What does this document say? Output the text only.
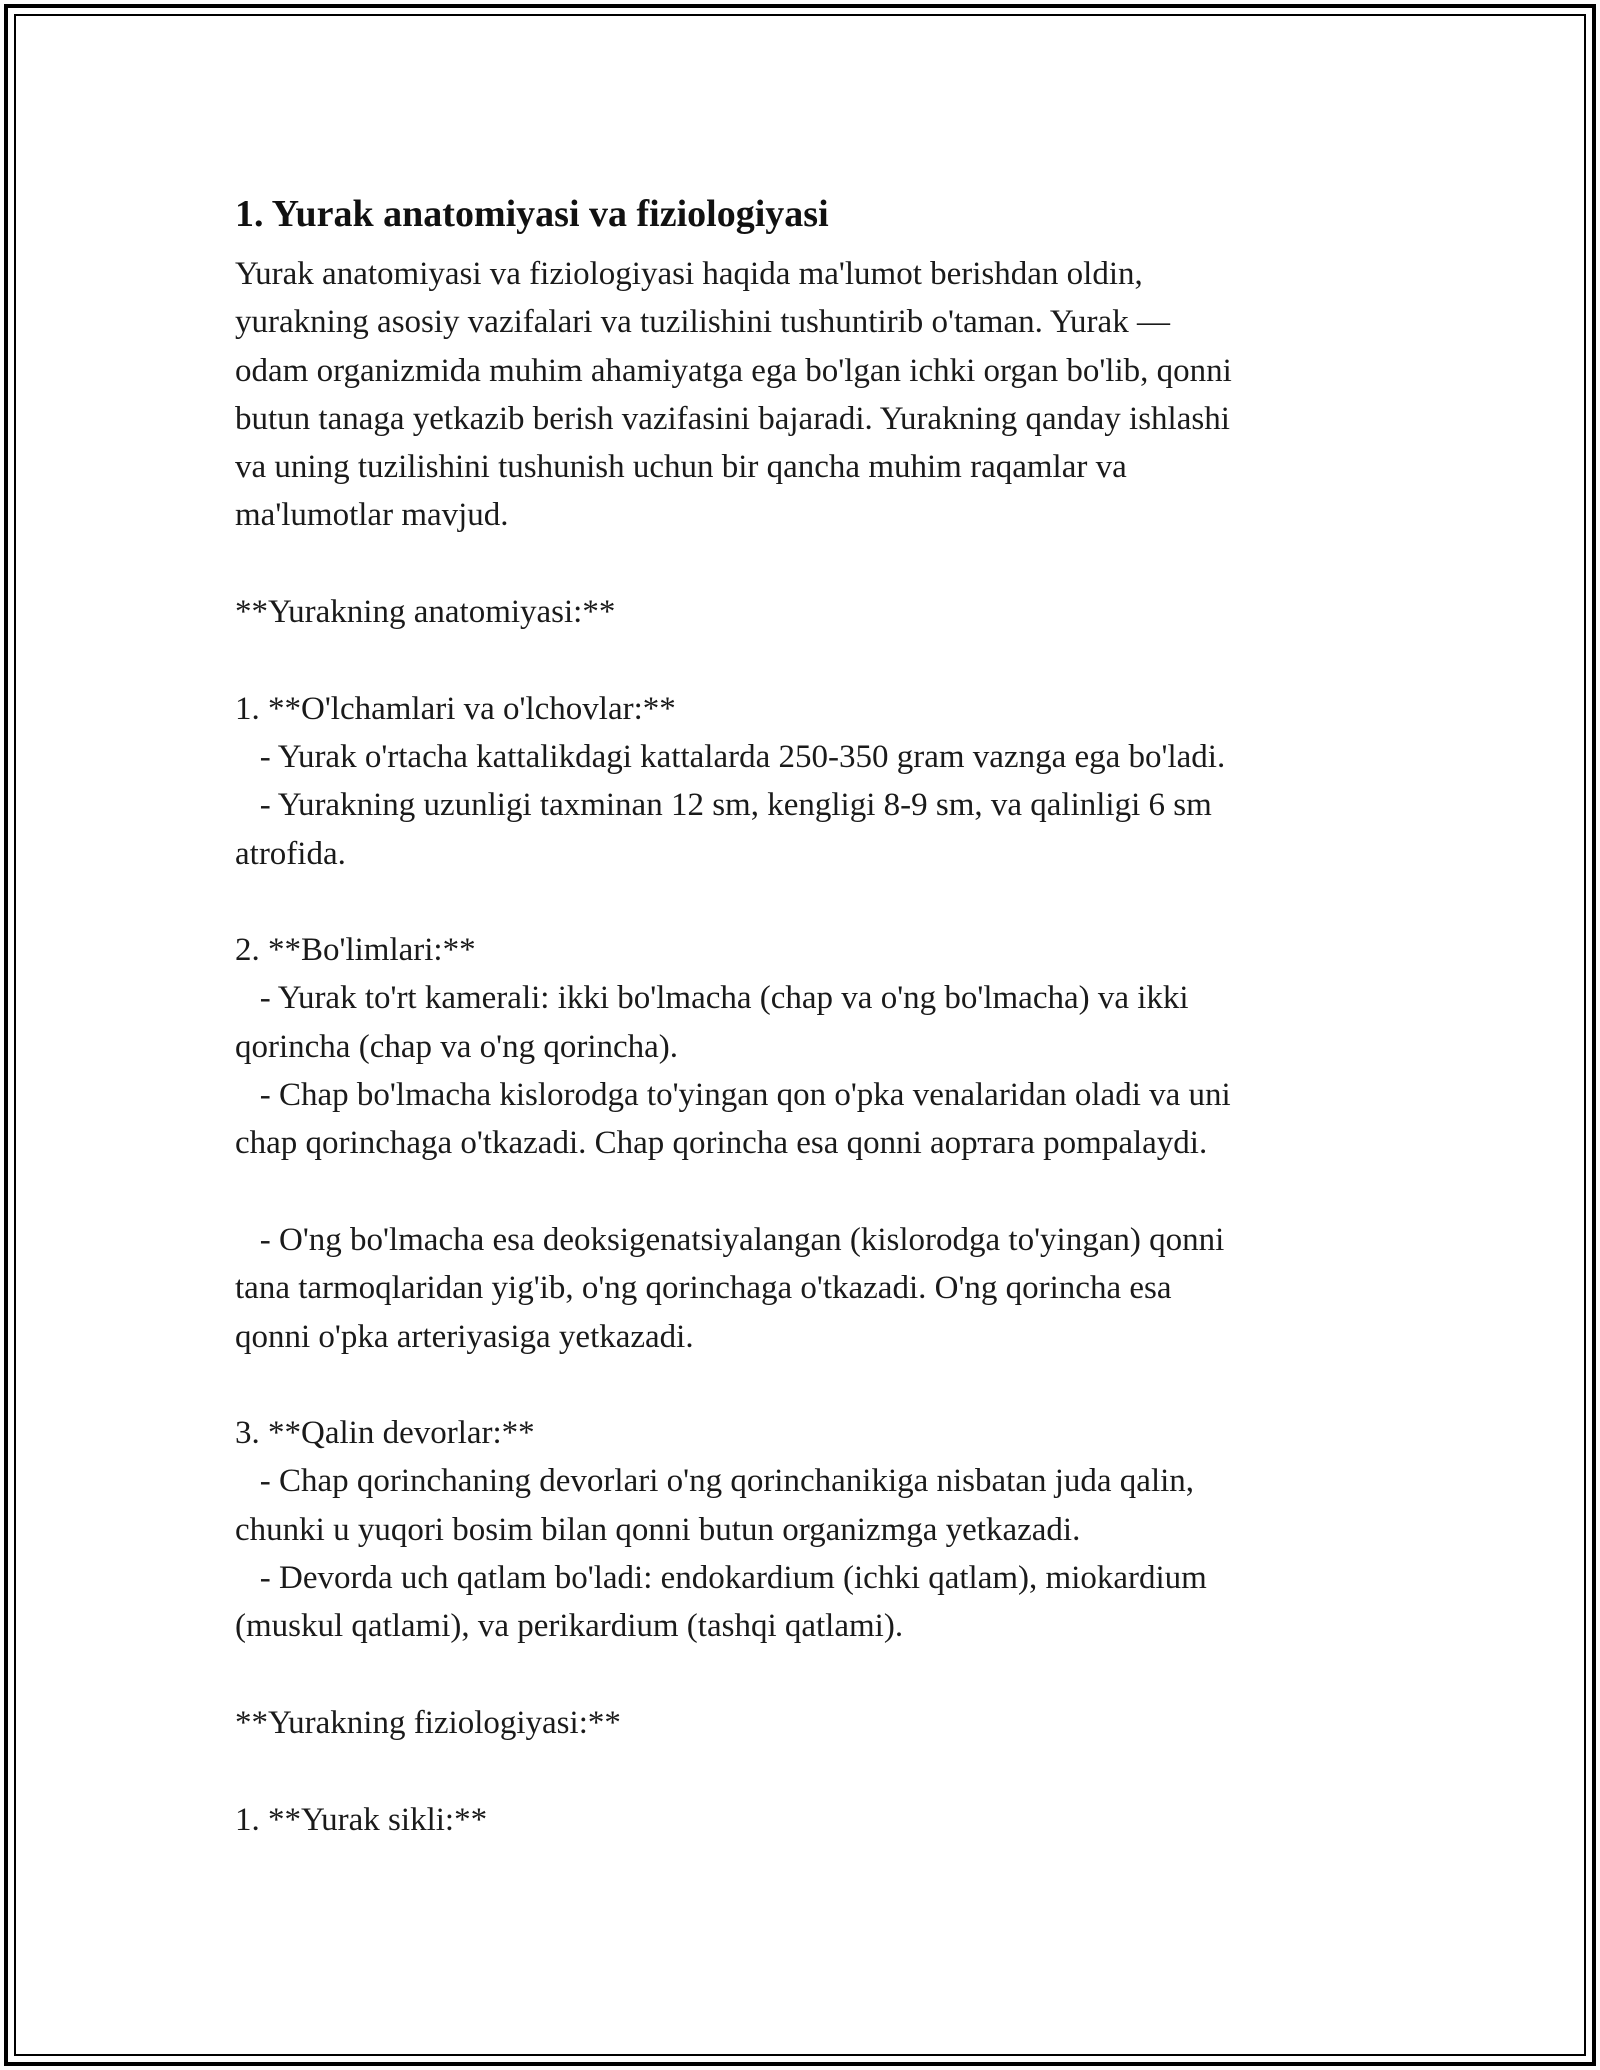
1. Yurak anatomiyasi va fiziologiyasi
Yurak anatomiyasi va fiziologiyasi haqida ma'lumot berishdan oldin,
yurakning asosiy vazifalari va tuzilishini tushuntirib o'taman. Yurak —
odam organizmida muhim ahamiyatga ega bo'lgan ichki organ bo'lib, qonni
butun tanaga yetkazib berish vazifasini bajaradi. Yurakning qanday ishlashi
va uning tuzilishini tushunish uchun bir qancha muhim raqamlar va
ma'lumotlar mavjud.

**Yurakning anatomiyasi:**

1. **O'lchamlari va o'lchovlar:**
- Yurak o'rtacha kattalikdagi kattalarda 250-350 gram vaznga ega bo'ladi.
- Yurakning uzunligi taxminan 12 sm, kengligi 8-9 sm, va qalinligi 6 sm
atrofida.

2. **Bo'limlari:**
- Yurak to'rt kamerali: ikki bo'lmacha (chap va o'ng bo'lmacha) va ikki
qorincha (chap va o'ng qorincha).
- Chap bo'lmacha kislorodga to'yingan qon o'pka venalaridan oladi va uni
chap qorinchaga o'tkazadi. Chap qorincha esa qonni аортага pompalaydi.

- O'ng bo'lmacha esa deoksigenatsiyalangan (kislorodga to'yingan) qonni
tana tarmoqlaridan yig'ib, o'ng qorinchaga o'tkazadi. O'ng qorincha esa
qonni o'pka arteriyasiga yetkazadi.

3. **Qalin devorlar:**
- Chap qorinchaning devorlari o'ng qorinchanikiga nisbatan juda qalin,
chunki u yuqori bosim bilan qonni butun organizmga yetkazadi.
- Devorda uch qatlam bo'ladi: endokardium (ichki qatlam), miokardium
(muskul qatlami), va perikardium (tashqi qatlami).

**Yurakning fiziologiyasi:**

1. **Yurak sikli:**
